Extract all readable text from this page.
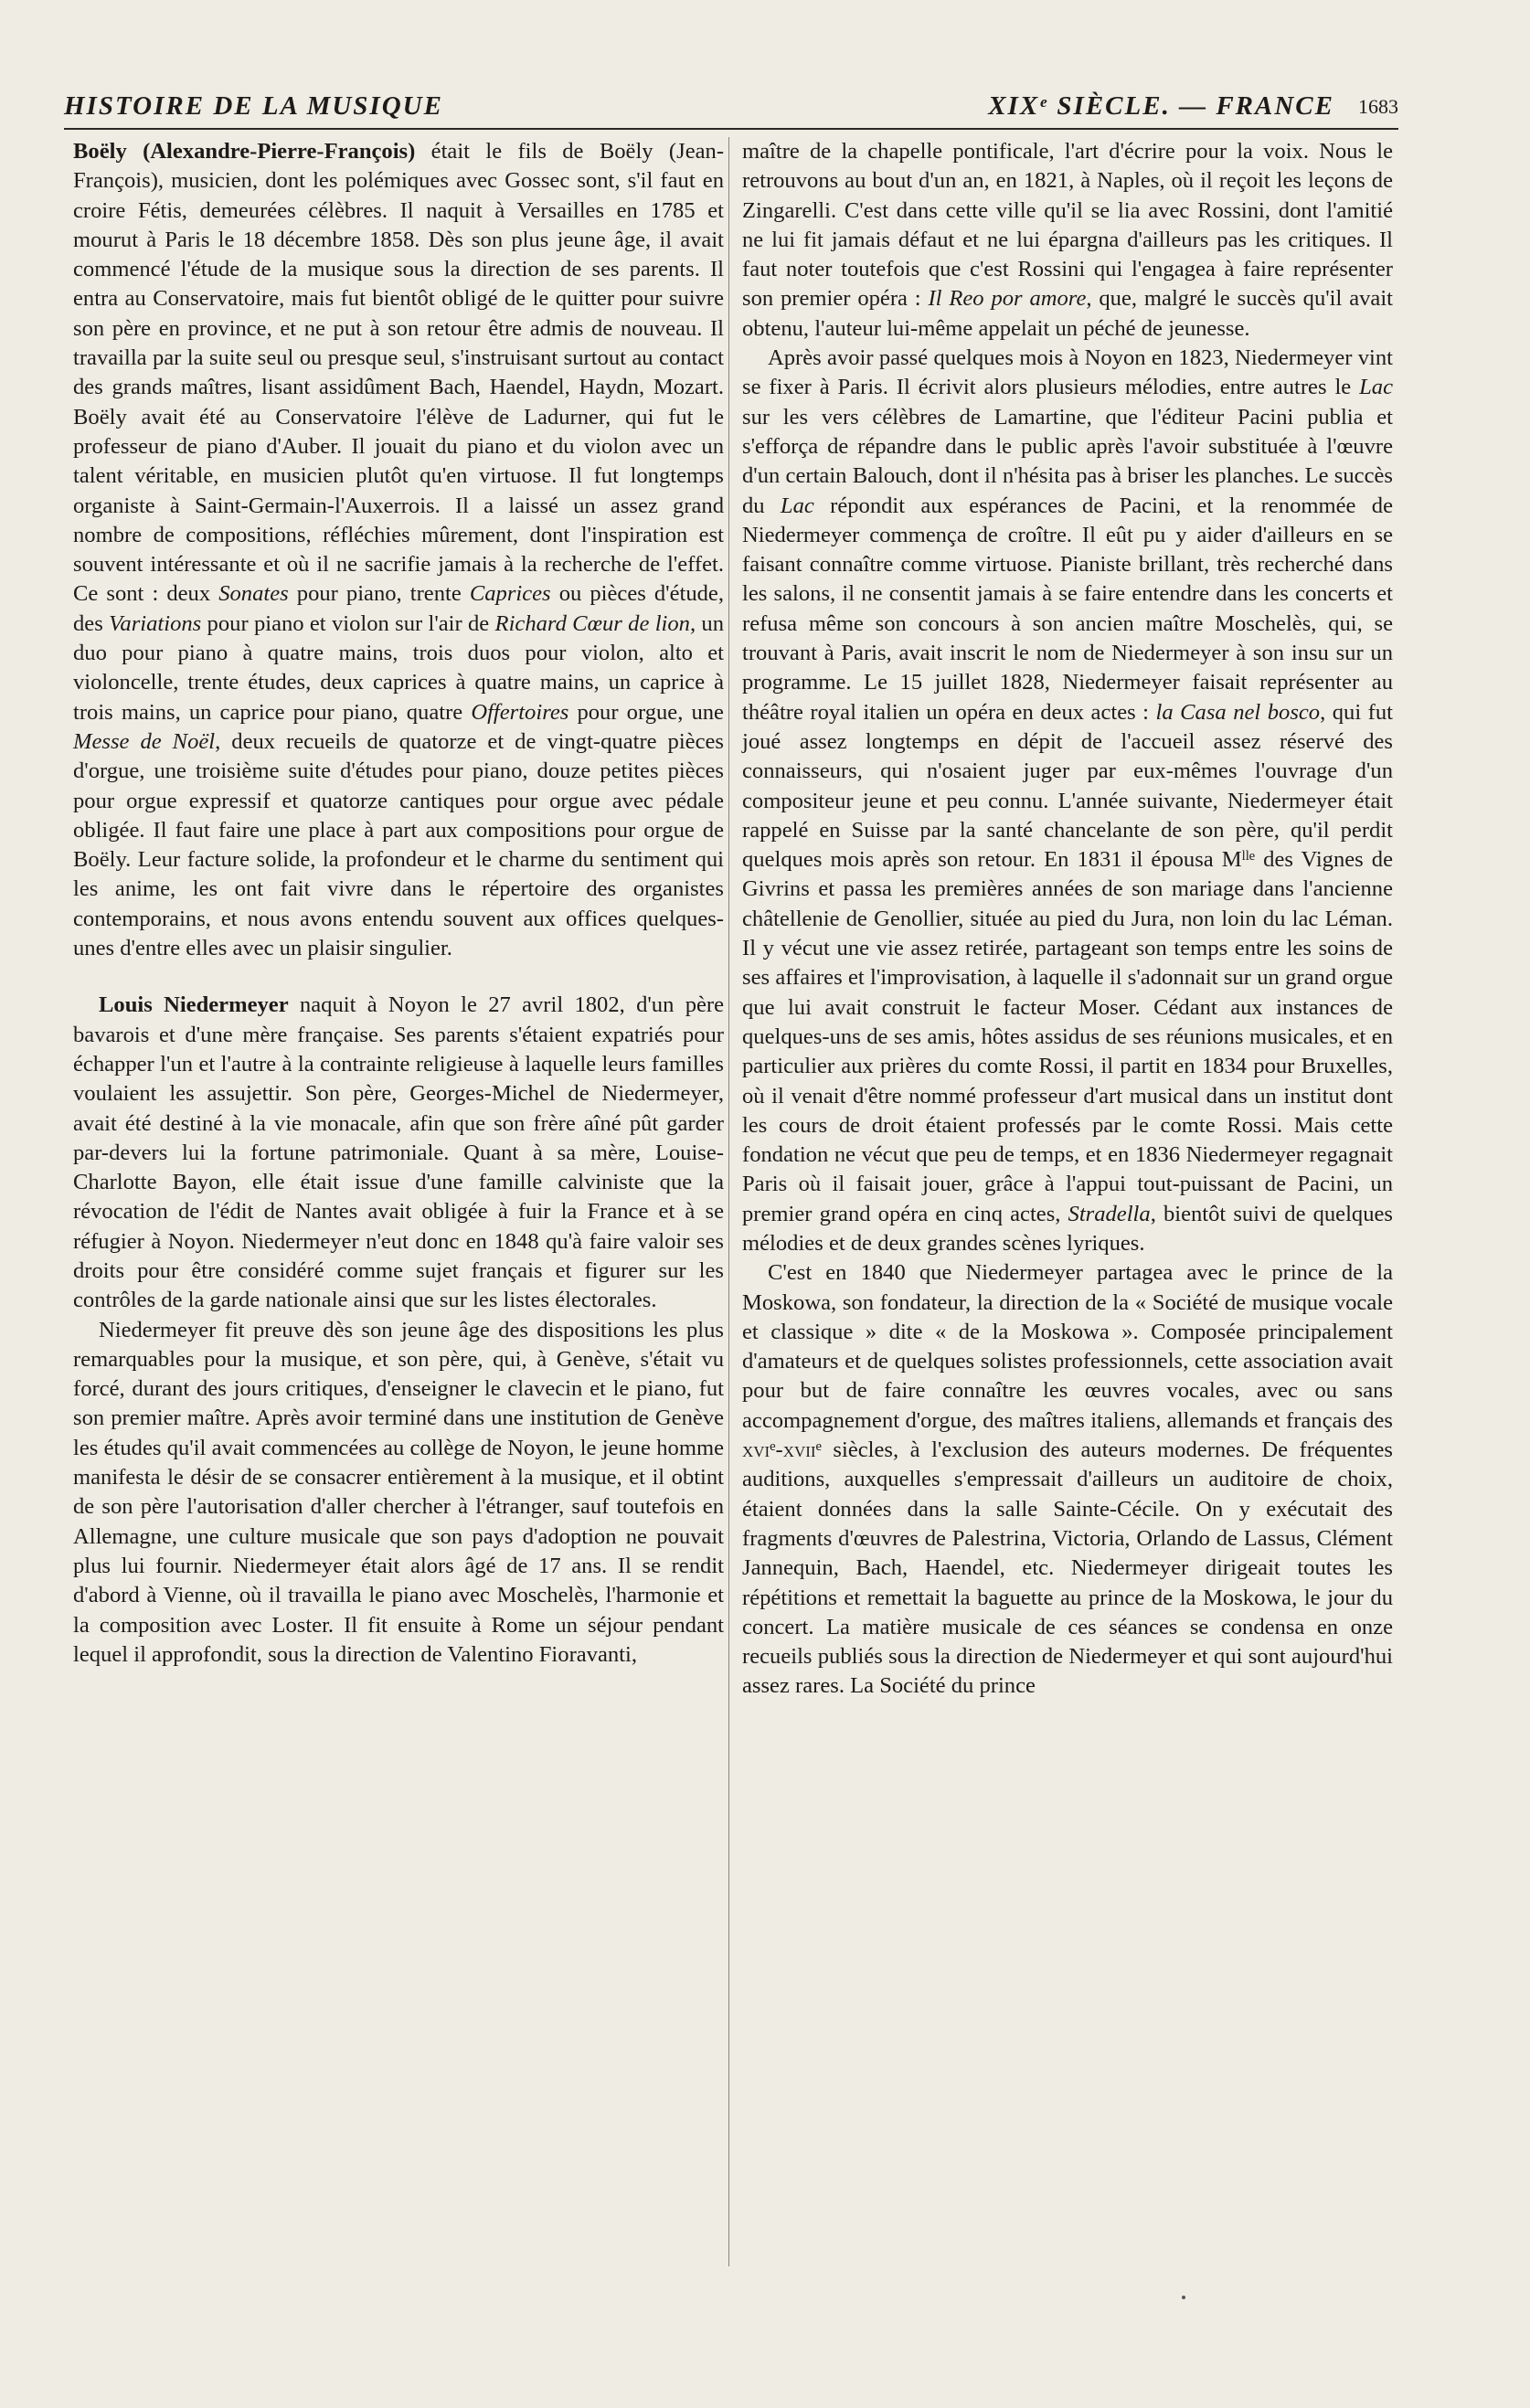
HISTOIRE DE LA MUSIQUE	XIXᵉ SIÈCLE. — FRANCE 1683

Boëly (Alexandre-Pierre-François) était le fils de Boëly (Jean-François), musicien, dont les polémiques avec Gossec sont, s'il faut en croire Fétis, demeurées célèbres. Il naquit à Versailles en 1785 et mourut à Paris le 18 décembre 1858. Dès son plus jeune âge, il avait commencé l'étude de la musique sous la direction de ses parents. Il entra au Conservatoire, mais fut bientôt obligé de le quitter pour suivre son père en province, et ne put à son retour être admis de nouveau. Il travailla par la suite seul ou presque seul, s'instruisant surtout au contact des grands maîtres, lisant assidûment Bach, Haendel, Haydn, Mozart. Boëly avait été au Conservatoire l'élève de Ladurner, qui fut le professeur de piano d'Auber. Il jouait du piano et du violon avec un talent véritable, en musicien plutôt qu'en virtuose. Il fut longtemps organiste à Saint-Germain-l'Auxerrois. Il a laissé un assez grand nombre de compositions, réfléchies mûrement, dont l'inspiration est souvent intéressante et où il ne sacrifie jamais à la recherche de l'effet. Ce sont : deux Sonates pour piano, trente Caprices ou pièces d'étude, des Variations pour piano et violon sur l'air de Richard Cœur de lion, un duo pour piano à quatre mains, trois duos pour violon, alto et violoncelle, trente études, deux caprices à quatre mains, un caprice à trois mains, un caprice pour piano, quatre Offertoires pour orgue, une Messe de Noël, deux recueils de quatorze et de vingt-quatre pièces d'orgue, une troisième suite d'études pour piano, douze petites pièces pour orgue expressif et quatorze cantiques pour orgue avec pédale obligée. Il faut faire une place à part aux compositions pour orgue de Boëly. Leur facture solide, la profondeur et le charme du sentiment qui les anime, les ont fait vivre dans le répertoire des organistes contemporains, et nous avons entendu souvent aux offices quelques-unes d'entre elles avec un plaisir singulier.

Louis Niedermeyer naquit à Noyon le 27 avril 1802, d'un père bavarois et d'une mère française. Ses parents s'étaient expatriés pour échapper l'un et l'autre à la contrainte religieuse à laquelle leurs familles voulaient les assujettir. Son père, Georges-Michel de Niedermeyer, avait été destiné à la vie monacale, afin que son frère aîné pût garder par-devers lui la fortune patrimoniale. Quant à sa mère, Louise-Charlotte Bayon, elle était issue d'une famille calviniste que la révocation de l'édit de Nantes avait obligée à fuir la France et à se réfugier à Noyon. Niedermeyer n'eut donc en 1848 qu'à faire valoir ses droits pour être considéré comme sujet français et figurer sur les contrôles de la garde nationale ainsi que sur les listes électorales.

Niedermeyer fit preuve dès son jeune âge des dispositions les plus remarquables pour la musique, et son père, qui, à Genève, s'était vu forcé, durant des jours critiques, d'enseigner le clavecin et le piano, fut son premier maître. Après avoir terminé dans une institution de Genève les études qu'il avait commencées au collège de Noyon, le jeune homme manifesta le désir de se consacrer entièrement à la musique, et il obtint de son père l'autorisation d'aller chercher à l'étranger, sauf toutefois en Allemagne, une culture musicale que son pays d'adoption ne pouvait plus lui fournir. Niedermeyer était alors âgé de 17 ans. Il se rendit d'abord à Vienne, où il travailla le piano avec Moschelès, l'harmonie et la composition avec Loster. Il fit ensuite à Rome un séjour pendant lequel il approfondit, sous la direction de Valentino Fioravanti,

maître de la chapelle pontificale, l'art d'écrire pour la voix. Nous le retrouvons au bout d'un an, en 1821, à Naples, où il reçoit les leçons de Zingarelli. C'est dans cette ville qu'il se lia avec Rossini, dont l'amitié ne lui fit jamais défaut et ne lui épargna d'ailleurs pas les critiques. Il faut noter toutefois que c'est Rossini qui l'engagea à faire représenter son premier opéra : Il Reo por amore, que, malgré le succès qu'il avait obtenu, l'auteur lui-même appelait un péché de jeunesse.

Après avoir passé quelques mois à Noyon en 1823, Niedermeyer vint se fixer à Paris. Il écrivit alors plusieurs mélodies, entre autres le Lac sur les vers célèbres de Lamartine, que l'éditeur Pacini publia et s'efforça de répandre dans le public après l'avoir substituée à l'œuvre d'un certain Balouch, dont il n'hésita pas à briser les planches. Le succès du Lac répondit aux espérances de Pacini, et la renommée de Niedermeyer commença de croître. Il eût pu y aider d'ailleurs en se faisant connaître comme virtuose. Pianiste brillant, très recherché dans les salons, il ne consentit jamais à se faire entendre dans les concerts et refusa même son concours à son ancien maître Moschelès, qui, se trouvant à Paris, avait inscrit le nom de Niedermeyer à son insu sur un programme. Le 15 juillet 1828, Niedermeyer faisait représenter au théâtre royal italien un opéra en deux actes : la Casa nel bosco, qui fut joué assez longtemps en dépit de l'accueil assez réservé des connaisseurs, qui n'osaient juger par eux-mêmes l'ouvrage d'un compositeur jeune et peu connu. L'année suivante, Niedermeyer était rappelé en Suisse par la santé chancelante de son père, qu'il perdit quelques mois après son retour. En 1831 il épousa Mˡˡᵉ des Vignes de Givrins et passa les premières années de son mariage dans l'ancienne châtellenie de Genollier, située au pied du Jura, non loin du lac Léman. Il y vécut une vie assez retirée, partageant son temps entre les soins de ses affaires et l'improvisation, à laquelle il s'adonnait sur un grand orgue que lui avait construit le facteur Moser. Cédant aux instances de quelques-uns de ses amis, hôtes assidus de ses réunions musicales, et en particulier aux prières du comte Rossi, il partit en 1834 pour Bruxelles, où il venait d'être nommé professeur d'art musical dans un institut dont les cours de droit étaient professés par le comte Rossi. Mais cette fondation ne vécut que peu de temps, et en 1836 Niedermeyer regagnait Paris où il faisait jouer, grâce à l'appui tout-puissant de Pacini, un premier grand opéra en cinq actes, Stradella, bientôt suivi de quelques mélodies et de deux grandes scènes lyriques.

C'est en 1840 que Niedermeyer partagea avec le prince de la Moskowa, son fondateur, la direction de la « Société de musique vocale et classique » dite « de la Moskowa ». Composée principalement d'amateurs et de quelques solistes professionnels, cette association avait pour but de faire connaître les œuvres vocales, avec ou sans accompagnement d'orgue, des maîtres italiens, allemands et français des xviᵉ-xviiᵉ siècles, à l'exclusion des auteurs modernes. De fréquentes auditions, auxquelles s'empressait d'ailleurs un auditoire de choix, étaient données dans la salle Sainte-Cécile. On y exécutait des fragments d'œuvres de Palestrina, Victoria, Orlando de Lassus, Clément Jannequin, Bach, Haendel, etc. Niedermeyer dirigeait toutes les répétitions et remettait la baguette au prince de la Moskowa, le jour du concert. La matière musicale de ces séances se condensa en onze recueils publiés sous la direction de Niedermeyer et qui sont aujourd'hui assez rares. La Société du prince
